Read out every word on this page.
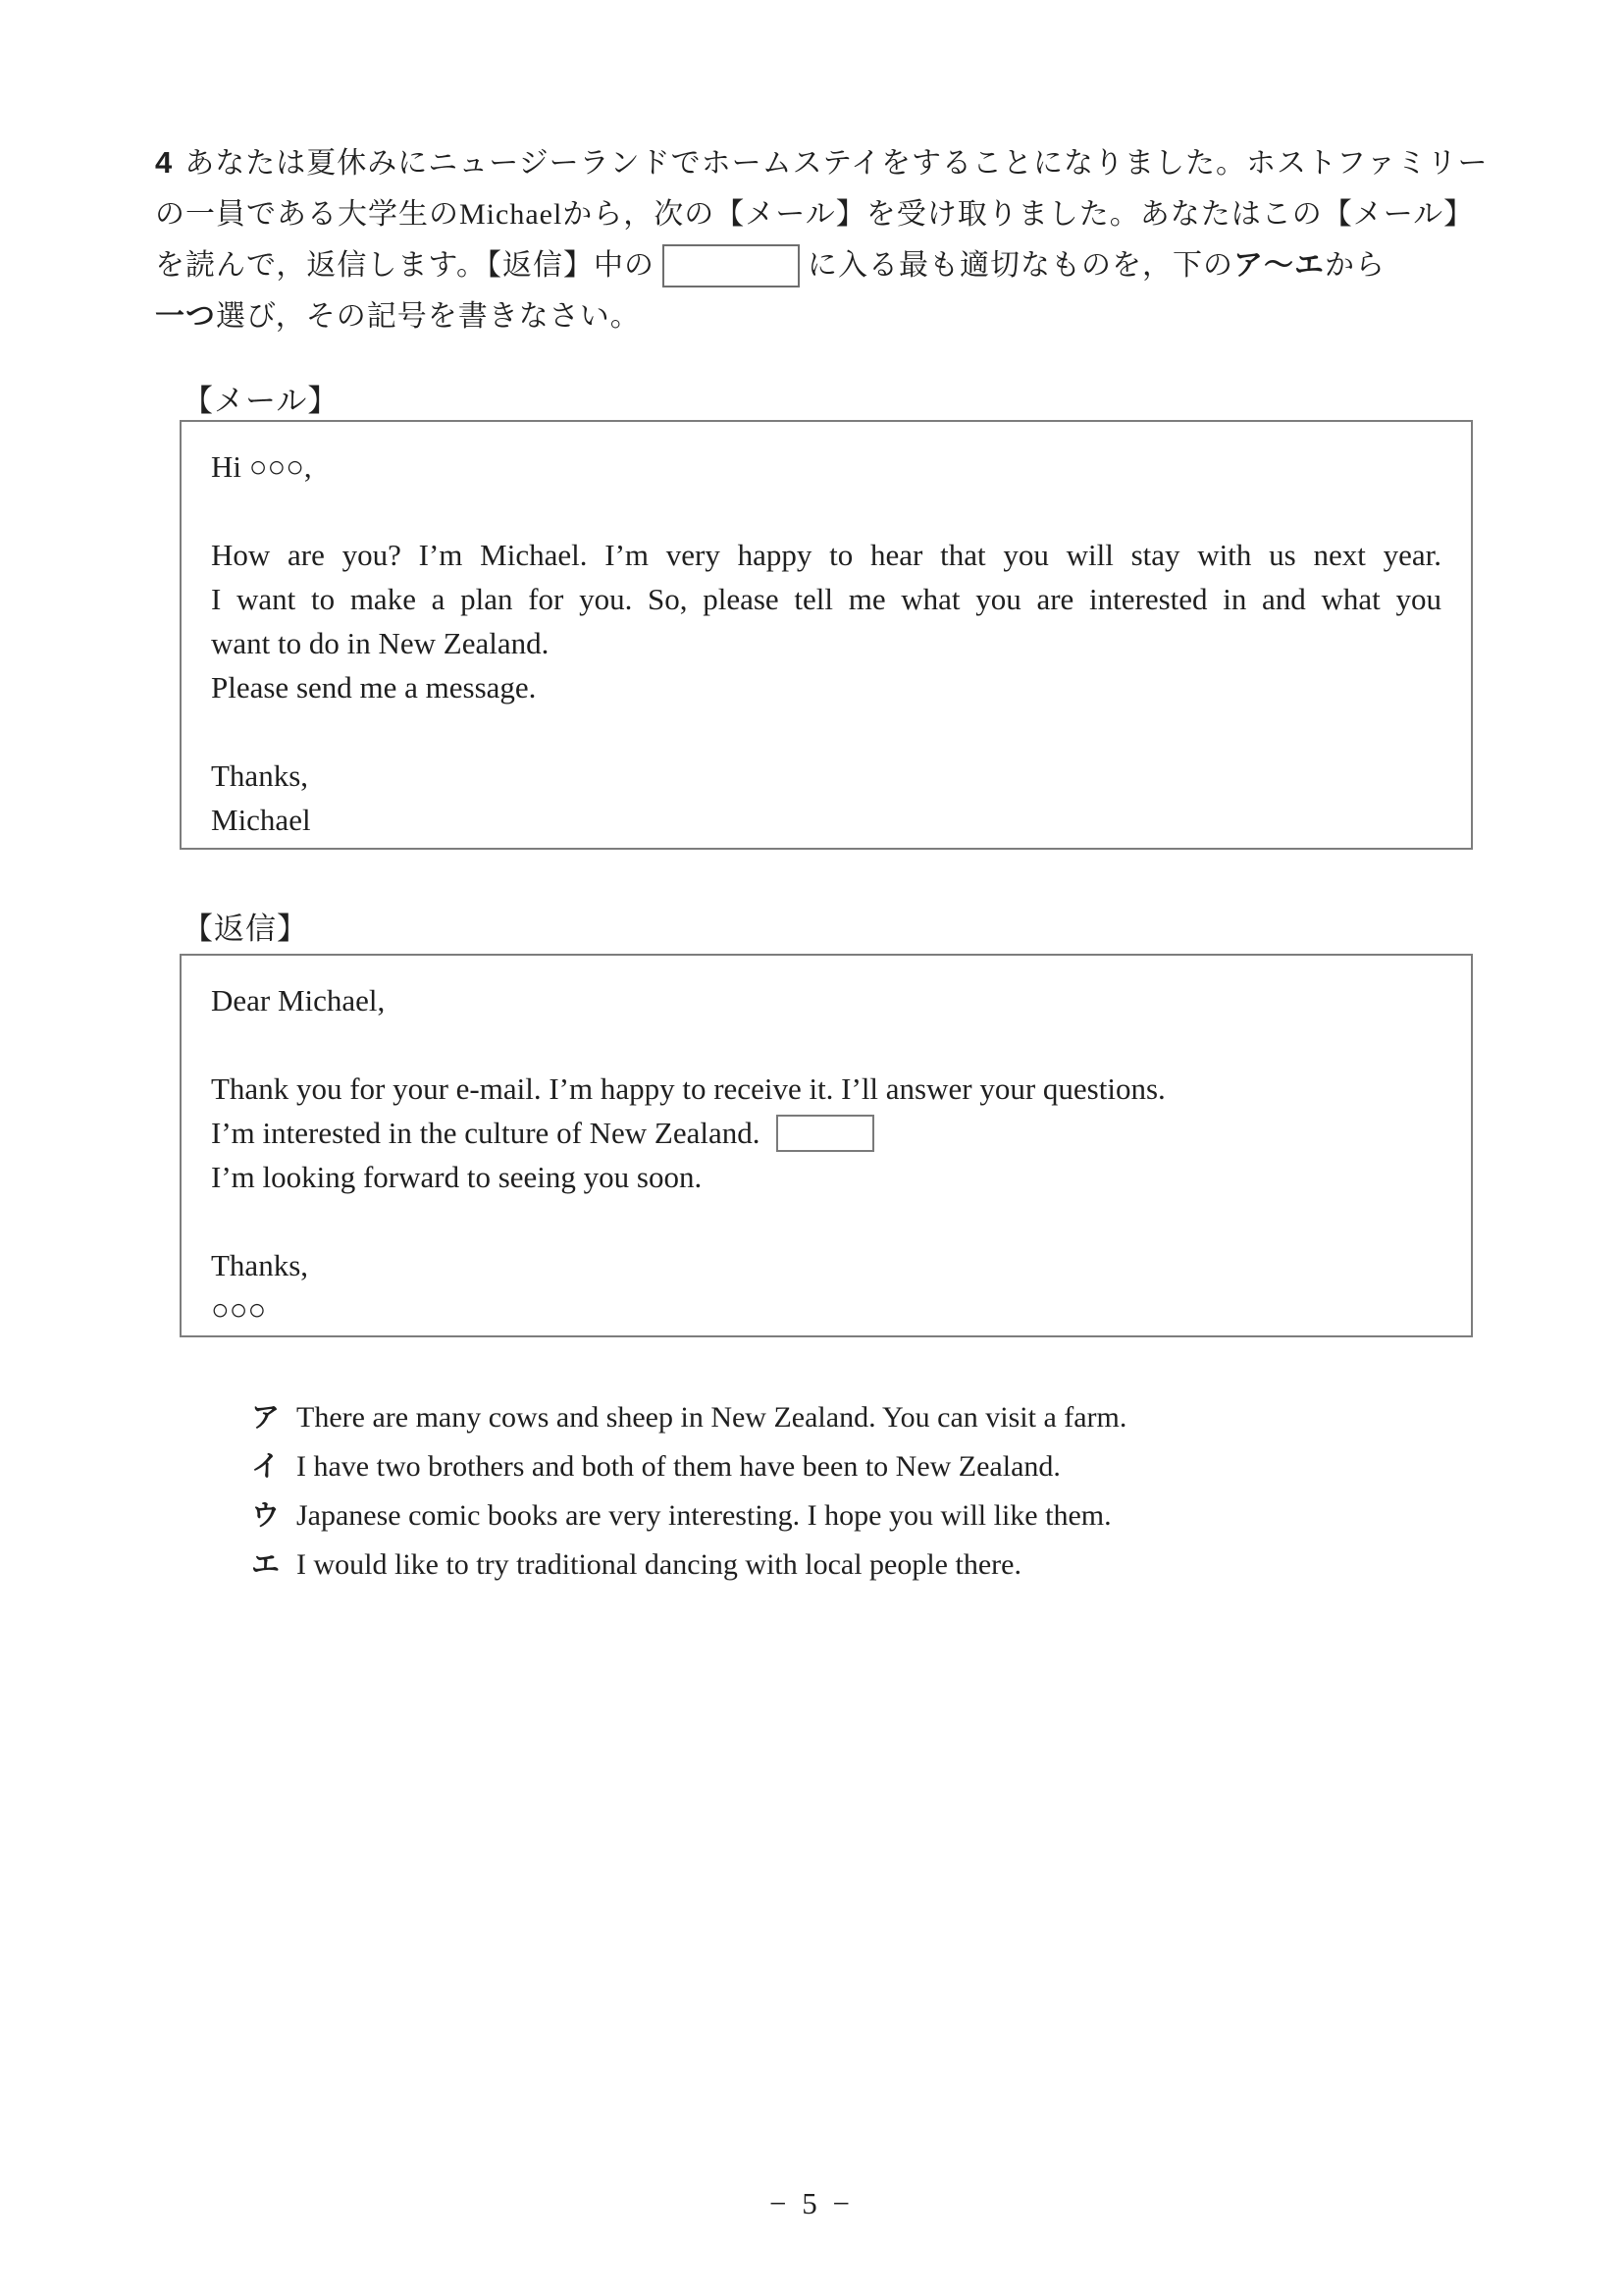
4 あなたは夏休みにニュージーランドでホームステイをすることになりました。ホストファミリー
の一員である大学生のMichaelから，次の【メール】を受け取りました。あなたはこの【メール】
を読んで，返信します。【返信】中の	に入る最も適切なものを，下のア～エから
一つ選び，その記号を書きなさい。
【メール】
Hi ○○○,
How are you? I’m Michael. I’m very happy to hear that you will stay with us next year.
I want to make a plan for you. So, please tell me what you are interested in and what you
want to do in New Zealand.
Please send me a message.
Thanks,
Michael
【返信】
Dear Michael,
Thank you for your e-mail. I’m happy to receive it. I’ll answer your questions.
I’m interested in the culture of New Zealand.
I’m looking forward to seeing you soon.
Thanks,
○○○
ア There are many cows and sheep in New Zealand. You can visit a farm.
イ I have two brothers and both of them have been to New Zealand.
ウ Japanese comic books are very interesting. I hope you will like them.
エ I would like to try traditional dancing with local people there.
− 5 −
